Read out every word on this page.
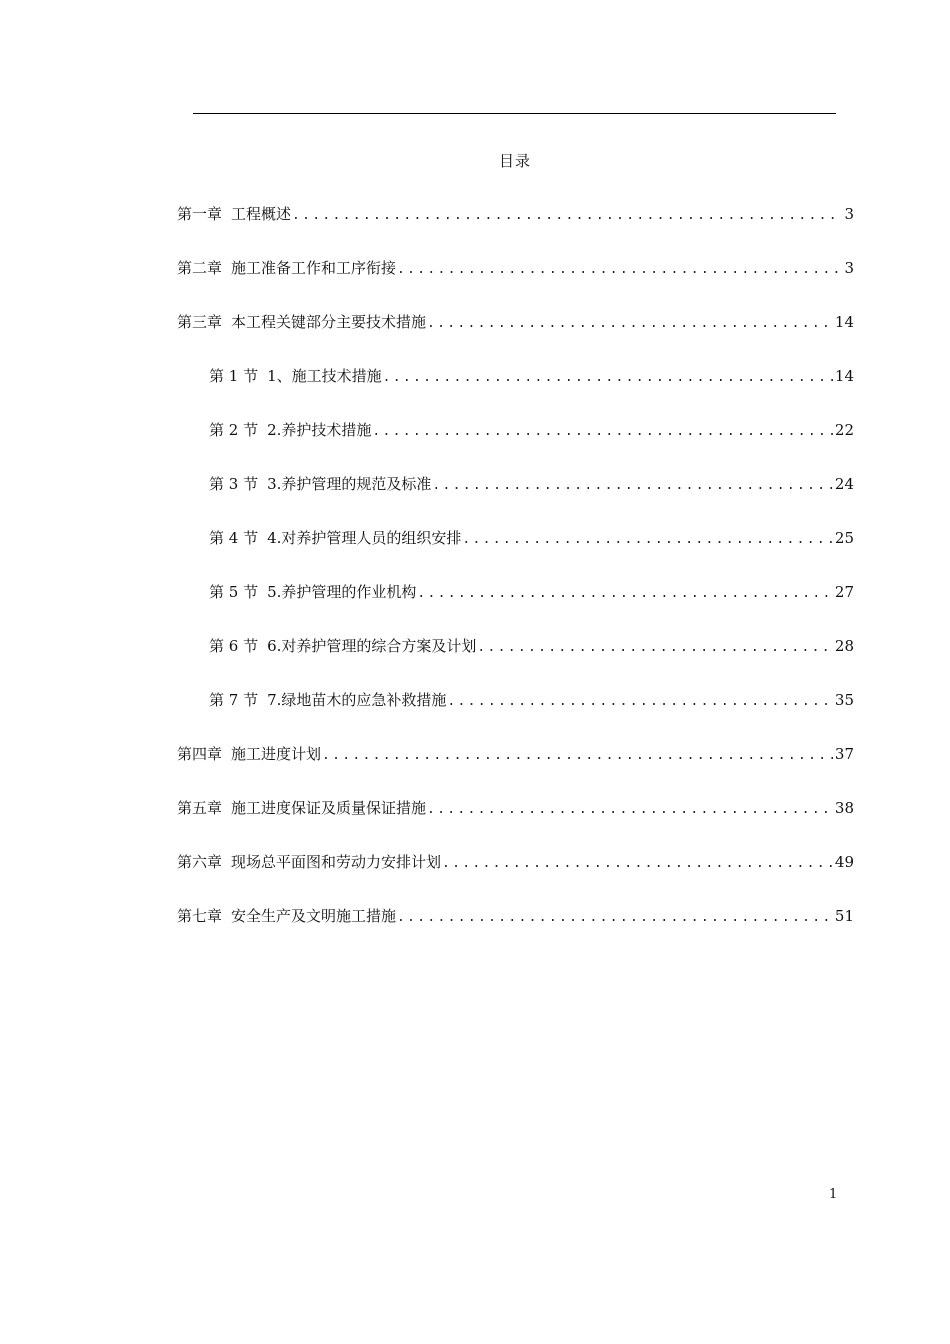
目录
第一章 工程概述 .....	3
第二章 施工准备工作和工序衔接 .....	3
第三章 本工程关键部分主要技术措施 .....	14
第 1 节 1、施工技术措施 .....	14
第 2 节 2.养护技术措施 .....	22
第 3 节 3.养护管理的规范及标准 .....	24
第 4 节 4.对养护管理人员的组织安排 .....	25
第 5 节 5.养护管理的作业机构 .....	27
第 6 节 6.对养护管理的综合方案及计划 .....	28
第 7 节 7.绿地苗木的应急补救措施 .....	35
第四章 施工进度计划 .....	37
第五章 施工进度保证及质量保证措施 .....	38
第六章 现场总平面图和劳动力安排计划 .....	49
第七章 安全生产及文明施工措施 .....	51
1
